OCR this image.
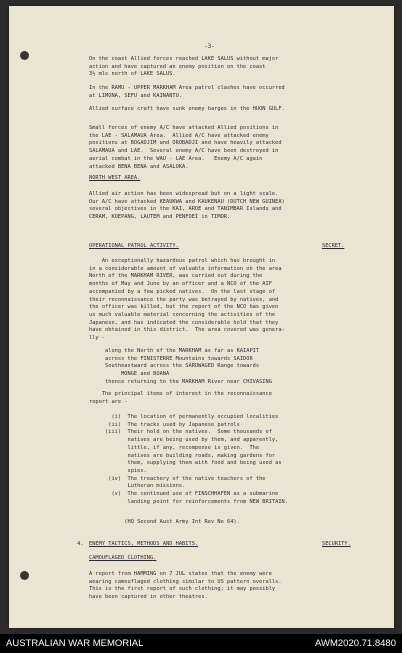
-3-
On the coast Allied forces reached LAKE SALUS without major
action and have captured an enemy position on the coast
3½ mls north of LAKE SALUS.
In the RAMU - UPPER MARKHAM Area patrol clashes have occurred
at LIMONA, SEFU and KAINANTU.
Allied surface craft have sunk enemy barges in the HUON GULF.
Small forces of enemy A/C have attacked Allied positions in
the LAE - SALAMAUA Area.  Allied A/C have attacked enemy
positions at BOGADJIM and OROBADJI and have heavily attacked
SALAMAUA and LAE.  Several enemy A/C have been destroyed in
aerial combat in the WAU - LAE Area.   Enemy A/C again
attacked BENA BENA and ASALOKA.
NORTH WEST AREA.
Allied air action has been widespread but on a light scale.
Our A/C have attacked KEAUKWA and KAUKENAU (DUTCH NEW GUINEA)
several objectives in the KAI, AROE and TANIMBAR Islands and
CERAM, KOEPANG, LAUTEM and PENFOEI in TIMOR.
OPERATIONAL PATROL ACTIVITY.	SECRET.
An exceptionally hazardous patrol which has brought in
in a considerable amount of valuable information on the area
North of the MARKHAM RIVER, was carried out during the
months of May and June by an officer and a NCO of the AIF
accompanied by a few picked natives.  On the last stage of
their reconnaissance the party was betrayed by natives, and
the officer was killed, but the report of the NCO has given
us much valuable material concerning the activities of the
Japanese, and has indicated the considerable hold that they
have obtained in this district.  The area covered was genera-
lly -
along the North of the MARKHAM as far as KAIAPIT
across the FINISTERRE Mountains towards SAIDOR
Southeastward across the SARUWAGED Range towards
MONGE and BOANA
thence returning to the MARKHAM River near CHIVASING
The principal items of interest in the reconnaissance
report are -
(i)  The location of permanently occupied localities
(ii)  The tracks used by Japanese patrols
(iii)  Their hold on the natives.  Some thousands of
natives are being used by them, and apparently,
little, if any, recompense is given.  The
natives are building roads, making gardens for
them, supplying them with food and being used as
spies.
(iv)  The treachery of the native teachers of the
Lutheran missions.
(v)  The continued use of FINSCHHAFEN as a submarine
landing point for reinforcements from NEW BRITAIN.
(HQ Second Aust Army Int Rev No 64).
4. ENEMY TACTICS, METHODS AND HABITS.	SECURITY.
CAMOUFLAGED CLOTHING.
A report from HAMMING on 7 JUL states that the enemy were
wearing camouflaged clothing similar to US pattern overalls.
This is the first report of such clothing; it may possibly
have been captured in other theatres.
AUSTRALIAN WAR MEMORIAL	AWM2020.71.8480
